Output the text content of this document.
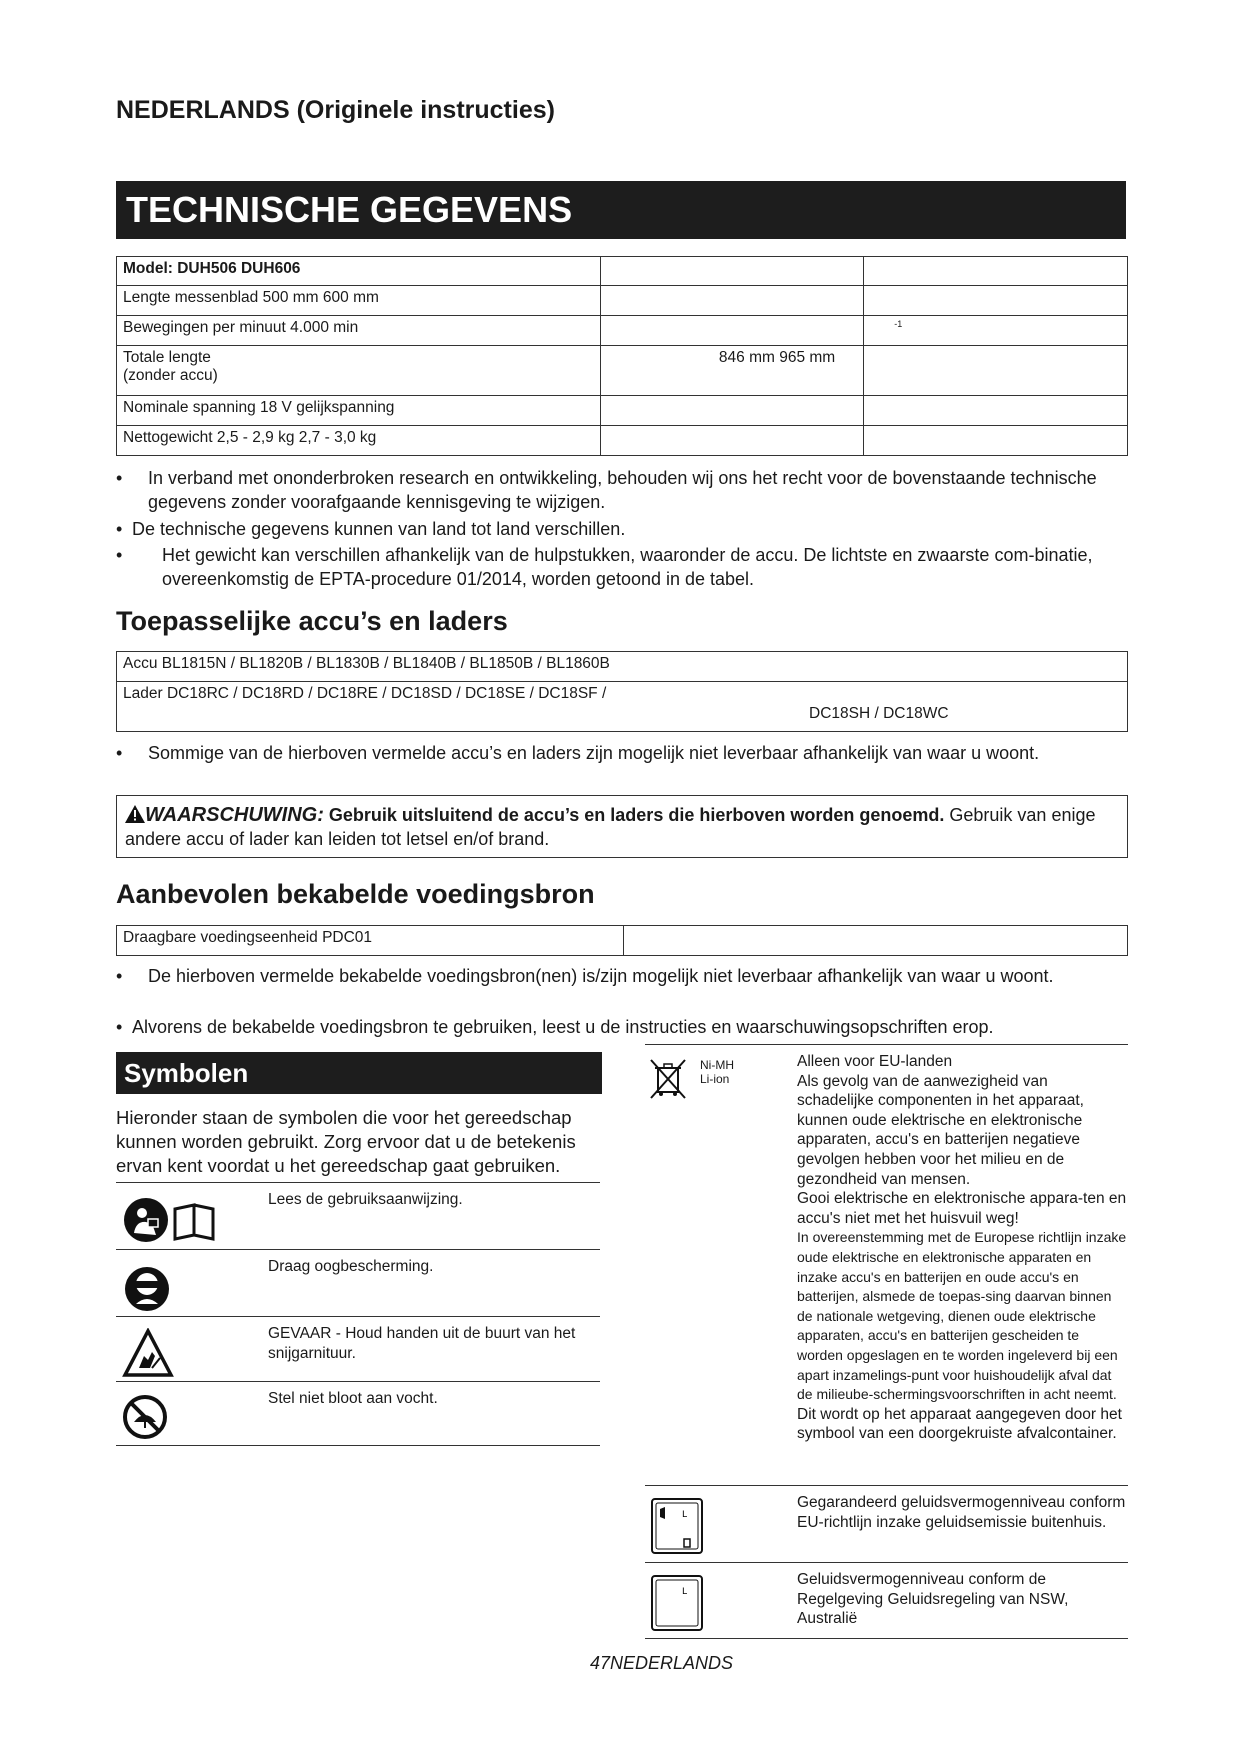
NEDERLANDS (Originele instructies)
TECHNISCHE GEGEVENS
Model: DUH506 DUH606		
Lengte messenblad 500 mm 600 mm		
Bewegingen per minuut 4.000 min		-1
Totale lengte
(zonder accu)	846 mm 965 mm	
Nominale spanning 18 V gelijkspanning		
Nettogewicht 2,5 - 2,9 kg 2,7 - 3,0 kg		
•	In verband met ononderbroken research en ontwikkeling, behouden wij ons het recht voor de bovenstaande technische gegevens zonder voorafgaande kennisgeving te wijzigen.
• De technische gegevens kunnen van land tot land verschillen.
•	Het gewicht kan verschillen afhankelijk van de hulpstukken, waaronder de accu. De lichtste en zwaarste com-binatie, overeenkomstig de EPTA-procedure 01/2014, worden getoond in de tabel.
Toepasselijke accu’s en laders
Accu BL1815N / BL1820B / BL1830B / BL1840B / BL1850B / BL1860B

Lader DC18RC / DC18RD / DC18RE / DC18SD / DC18SE / DC18SF /
DC18SH / DC18WC
•	Sommige van de hierboven vermelde accu’s en laders zijn mogelijk niet leverbaar afhankelijk van waar u woont.
WAARSCHUWING: Gebruik uitsluitend de accu’s en laders die hierboven worden genoemd. Gebruik van enige andere accu of lader kan leiden tot letsel en/of brand.
Aanbevolen bekabelde voedingsbron
Draagbare voedingseenheid PDC01	
•	De hierboven vermelde bekabelde voedingsbron(nen) is/zijn mogelijk niet leverbaar afhankelijk van waar u woont.
• Alvorens de bekabelde voedingsbron te gebruiken, leest u de instructies en waarschuwingsopschriften erop.
Symbolen
Hieronder staan de symbolen die voor het gereedschap kunnen worden gebruikt. Zorg ervoor dat u de betekenis ervan kent voordat u het gereedschap gaat gebruiken.
Lees de gebruiksaanwijzing.
Draag oogbescherming.
GEVAAR - Houd handen uit de buurt van het snijgarnituur.
Stel niet bloot aan vocht.
Ni-MH
Li-ion
Alleen voor EU-landen
Als gevolg van de aanwezigheid van schadelijke componenten in het apparaat, kunnen oude elektrische en elektronische apparaten, accu's en batterijen negatieve gevolgen hebben voor het milieu en de gezondheid van mensen.
Gooi elektrische en elektronische appara-ten en accu's niet met het huisvuil weg!
In overeenstemming met de Europese richtlijn inzake oude elektrische en elektronische apparaten en inzake accu's en batterijen en oude accu's en batterijen, alsmede de toepas-sing daarvan binnen de nationale wetgeving, dienen oude elektrische apparaten, accu's en batterijen gescheiden te worden opgeslagen en te worden ingeleverd bij een apart inzamelings-punt voor huishoudelijk afval dat de milieube-schermingsvoorschriften in acht neemt.
Dit wordt op het apparaat aangegeven door het symbool van een doorgekruiste afvalcontainer.
L
Gegarandeerd geluidsvermogenniveau conform EU-richtlijn inzake geluidsemissie buitenhuis.
L
Geluidsvermogenniveau conform de Regelgeving Geluidsregeling van NSW, Australië
47NEDERLANDS
